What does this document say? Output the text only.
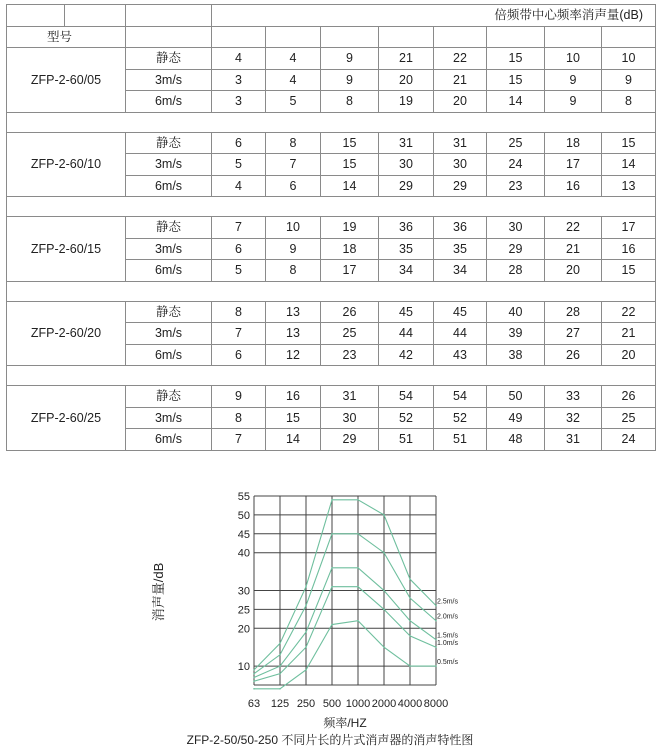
			倍频带中心频率消声量(dB)							
型号										
ZFP-2-60/05		静态	4	4	9	21	22	15	10	10
		3m/s	3	4	9	20	21	15	9	9
		6m/s	3	5	8	19	20	14	9	8

ZFP-2-60/10		静态	6	8	15	31	31	25	18	15
		3m/s	5	7	15	30	30	24	17	14
		6m/s	4	6	14	29	29	23	16	13

ZFP-2-60/15		静态	7	10	19	36	36	30	22	17
		3m/s	6	9	18	35	35	29	21	16
		6m/s	5	8	17	34	34	28	20	15

ZFP-2-60/20		静态	8	13	26	45	45	40	28	22
		3m/s	7	13	25	44	44	39	27	21
		6m/s	6	12	23	42	43	38	26	20

ZFP-2-60/25		静态	9	16	31	54	54	50	33	26
		3m/s	8	15	30	52	52	49	32	25
		6m/s	7	14	29	51	51	48	31	24
10
20
25
30
40
45
50
55
63 125 250 500 1000 2000 4000 8000
2.5m/s
2.0m/s
1.5m/s
1.0m/s
0.5m/s
消声量/dB
频率/HZ
ZFP-2-50/50-250 不同片长的片式消声器的消声特性图
